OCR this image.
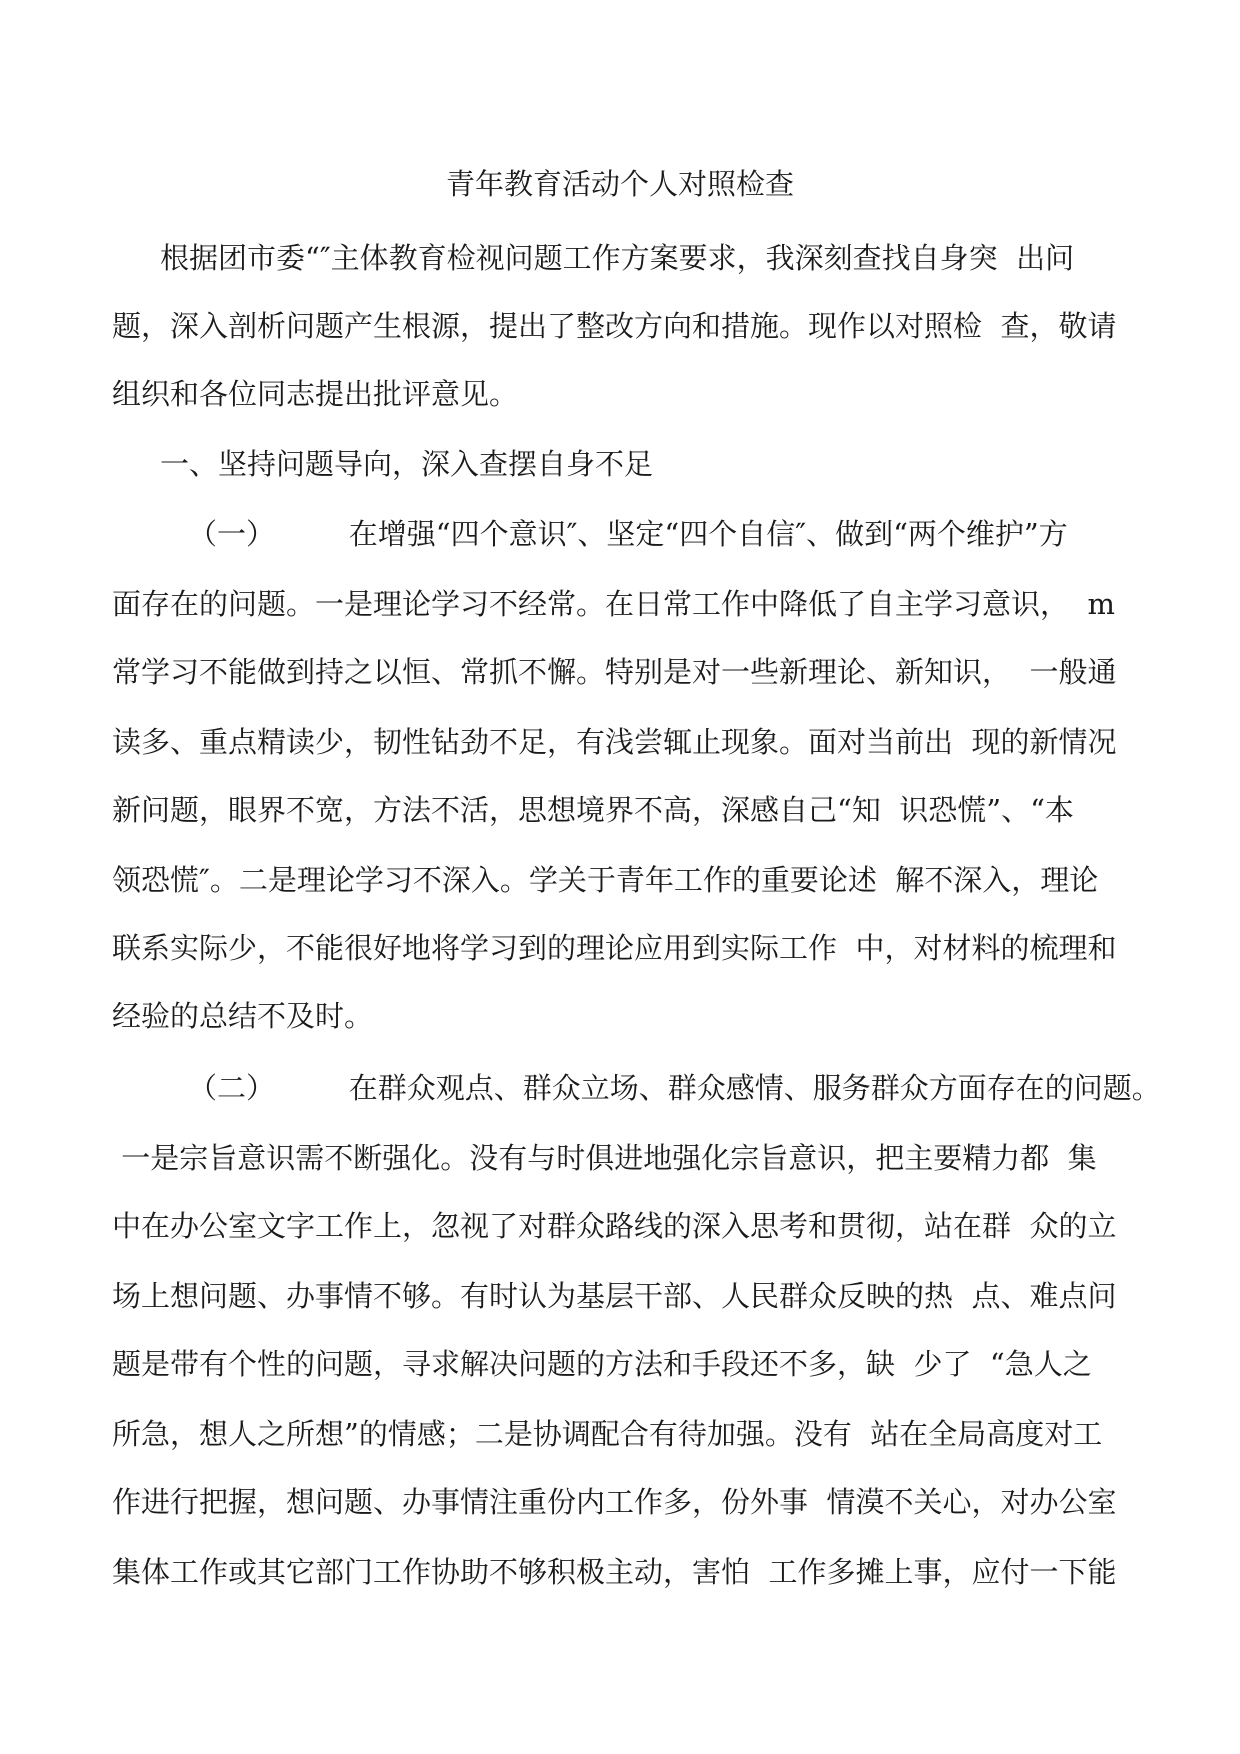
青年教育活动个人对照检查
根据团市委“″主体教育检视问题工作方案要求，我深刻查找自身突  出问
题，深入剖析问题产生根源，提出了整改方向和措施。现作以对照检  查，敬请
组织和各位同志提出批评意见。
一、坚持问题导向，深入查摆自身不足
（一）        在增强“四个意识″、坚定“四个自信″、做到“两个维护”方
面存在的问题。一是理论学习不经常。在日常工作中降低了自主学习意识，  m
常学习不能做到持之以恒、常抓不懈。特别是对一些新理论、新知识，  一般通
读多、重点精读少，韧性钻劲不足，有浅尝辄止现象。面对当前出  现的新情况
新问题，眼界不宽，方法不活，思想境界不高，深感自己“知  识恐慌”、“本
领恐慌″。二是理论学习不深入。学关于青年工作的重要论述  解不深入，理论
联系实际少，不能很好地将学习到的理论应用到实际工作  中，对材料的梳理和
经验的总结不及时。
（二）        在群众观点、群众立场、群众感情、服务群众方面存在的问题。
一是宗旨意识需不断强化。没有与时俱进地强化宗旨意识，把主要精力都  集
中在办公室文字工作上，忽视了对群众路线的深入思考和贯彻，站在群  众的立
场上想问题、办事情不够。有时认为基层干部、人民群众反映的热  点、难点问
题是带有个性的问题，寻求解决问题的方法和手段还不多，缺  少了  “急人之
所急，想人之所想”的情感；二是协调配合有待加强。没有  站在全局高度对工
作进行把握，想问题、办事情注重份内工作多，份外事  情漠不关心，对办公室
集体工作或其它部门工作协助不够积极主动，害怕  工作多摊上事，应付一下能
